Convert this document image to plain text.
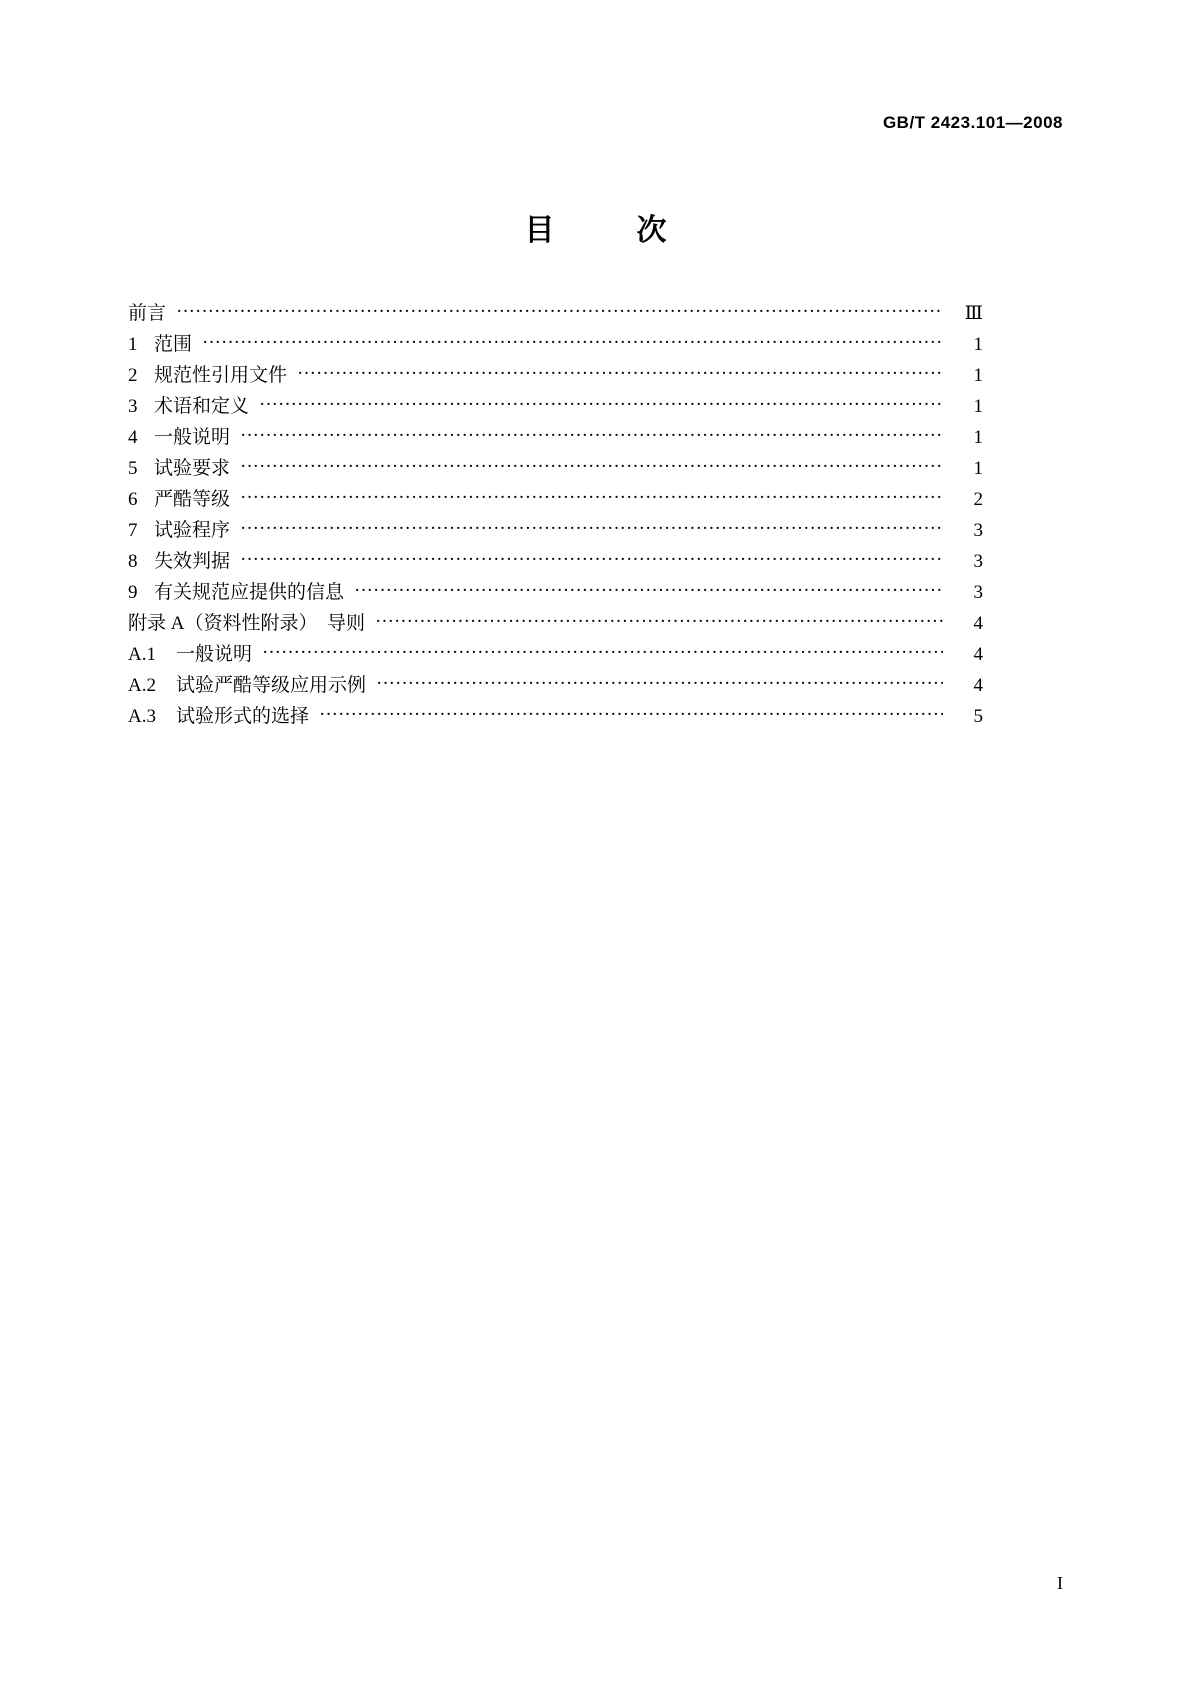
GB/T 2423.101—2008
目　次
前言 ·····	Ⅲ
1 范围 ·····	1
2 规范性引用文件 ·····	1
3 术语和定义 ·····	1
4 一般说明 ·····	1
5 试验要求 ·····	1
6 严酷等级 ·····	2
7 试验程序 ·····	3
8 失效判据 ·····	3
9 有关规范应提供的信息 ·····	3
附录 A（资料性附录）　导则 ·····	4
A.1	一般说明 ·····	4
A.2	试验严酷等级应用示例 ·····	4
A.3	试验形式的选择 ·····	5
I
